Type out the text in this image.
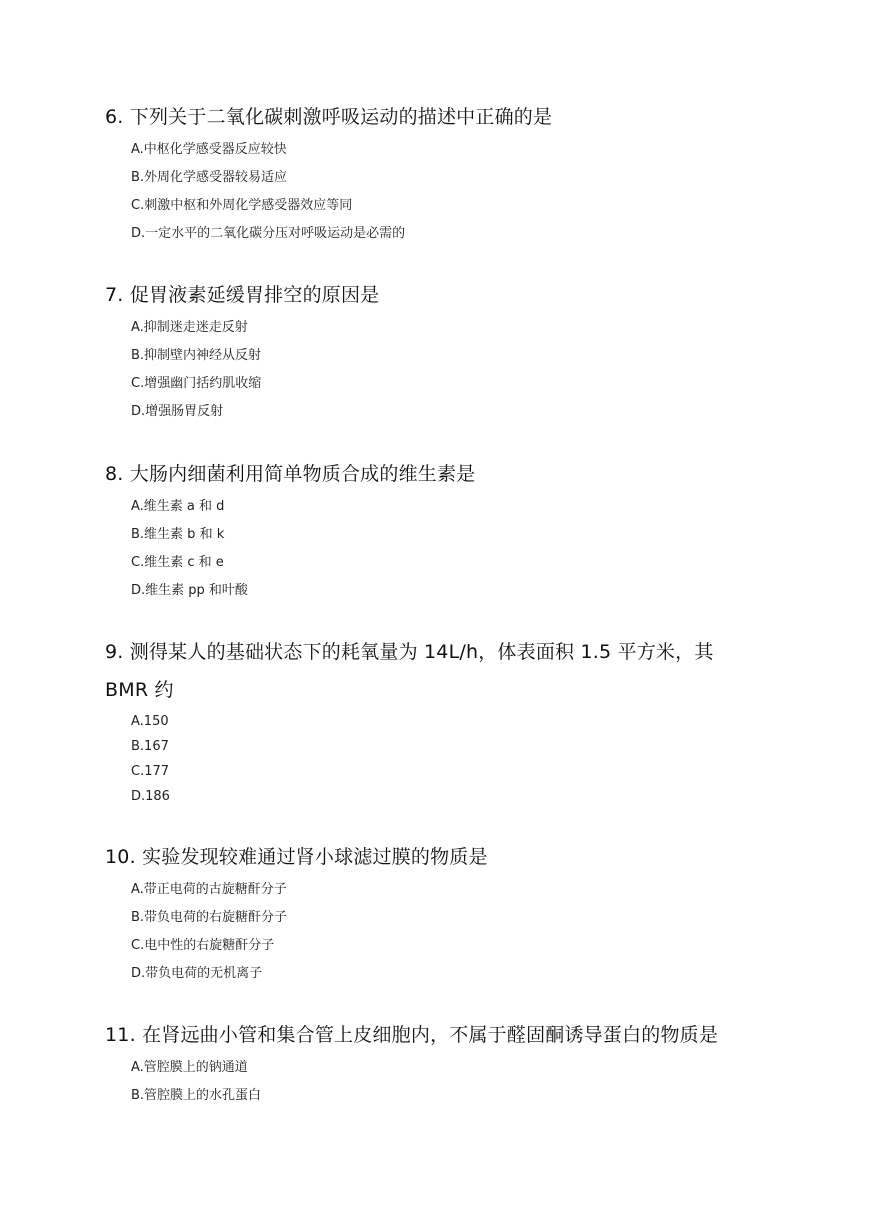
6. 下列关于二氧化碳刺激呼吸运动的描述中正确的是

A.中枢化学感受器反应较快
B.外周化学感受器较易适应
C.刺激中枢和外周化学感受器效应等同
D.一定水平的二氧化碳分压对呼吸运动是必需的

7. 促胃液素延缓胃排空的原因是

A.抑制迷走迷走反射
B.抑制壁内神经从反射
C.增强幽门括约肌收缩
D.增强肠胃反射

8. 大肠内细菌利用简单物质合成的维生素是

A.维生素 a 和 d
B.维生素 b 和 k
C.维生素 c 和 e
D.维生素 pp 和叶酸

9. 测得某人的基础状态下的耗氧量为 14L/h，体表面积 1.5 平方米，其 BMR 约

A.150
B.167
C.177
D.186

10. 实验发现较难通过肾小球滤过膜的物质是

A.带正电荷的古旋糖酐分子
B.带负电荷的右旋糖酐分子
C.电中性的右旋糖酐分子
D.带负电荷的无机离子

11. 在肾远曲小管和集合管上皮细胞内，不属于醛固酮诱导蛋白的物质是

A.管腔膜上的钠通道
B.管腔膜上的水孔蛋白
